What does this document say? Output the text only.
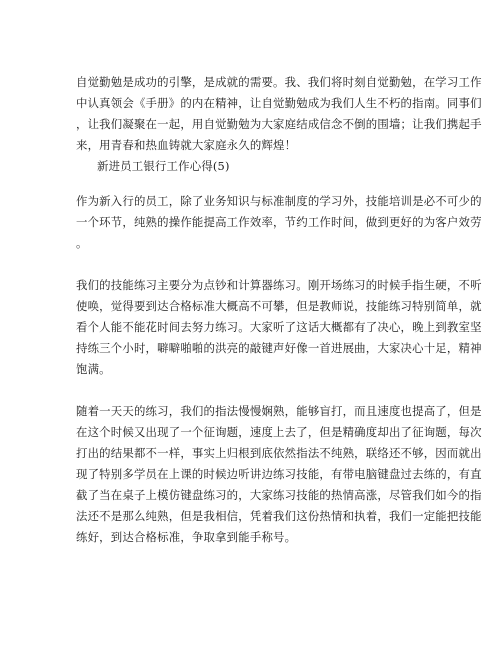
自觉勤勉是成功的引擎，是成就的需要。我、我们将时刻自觉勤勉，在学习工作
中认真领会《手册》的内在精神，让自觉勤勉成为我们人生不朽的指南。同事们
，让我们凝聚在一起，用自觉勤勉为大家庭结成信念不倒的围墙；让我们携起手
来，用青春和热血铸就大家庭永久的辉煌！
新进员工银行工作心得(5)
作为新入行的员工，除了业务知识与标准制度的学习外，技能培训是必不可少的
一个环节，纯熟的操作能提高工作效率，节约工作时间，做到更好的为客户效劳
。
我们的技能练习主要分为点钞和计算器练习。刚开场练习的时候手指生硬，不听
使唤，觉得要到达合格标准大概高不可攀，但是教师说，技能练习特别简单，就
看个人能不能花时间去努力练习。大家听了这话大概都有了决心，晚上到教室坚
持练三个小时，噼噼啪啪的洪亮的敲键声好像一首进展曲，大家决心十足，精神
饱满。
随着一天天的练习，我们的指法慢慢娴熟，能够盲打，而且速度也提高了，但是
在这个时候又出现了一个征询题，速度上去了，但是精确度却出了征询题，每次
打出的结果都不一样，事实上归根到底依然指法不纯熟，联络还不够，因而就出
现了特别多学员在上课的时候边听讲边练习技能，有带电脑键盘过去练的，有直
截了当在桌子上模仿键盘练习的，大家练习技能的热情高涨，尽管我们如今的指
法还不是那么纯熟，但是我相信，凭着我们这份热情和执着，我们一定能把技能
练好，到达合格标准，争取拿到能手称号。
